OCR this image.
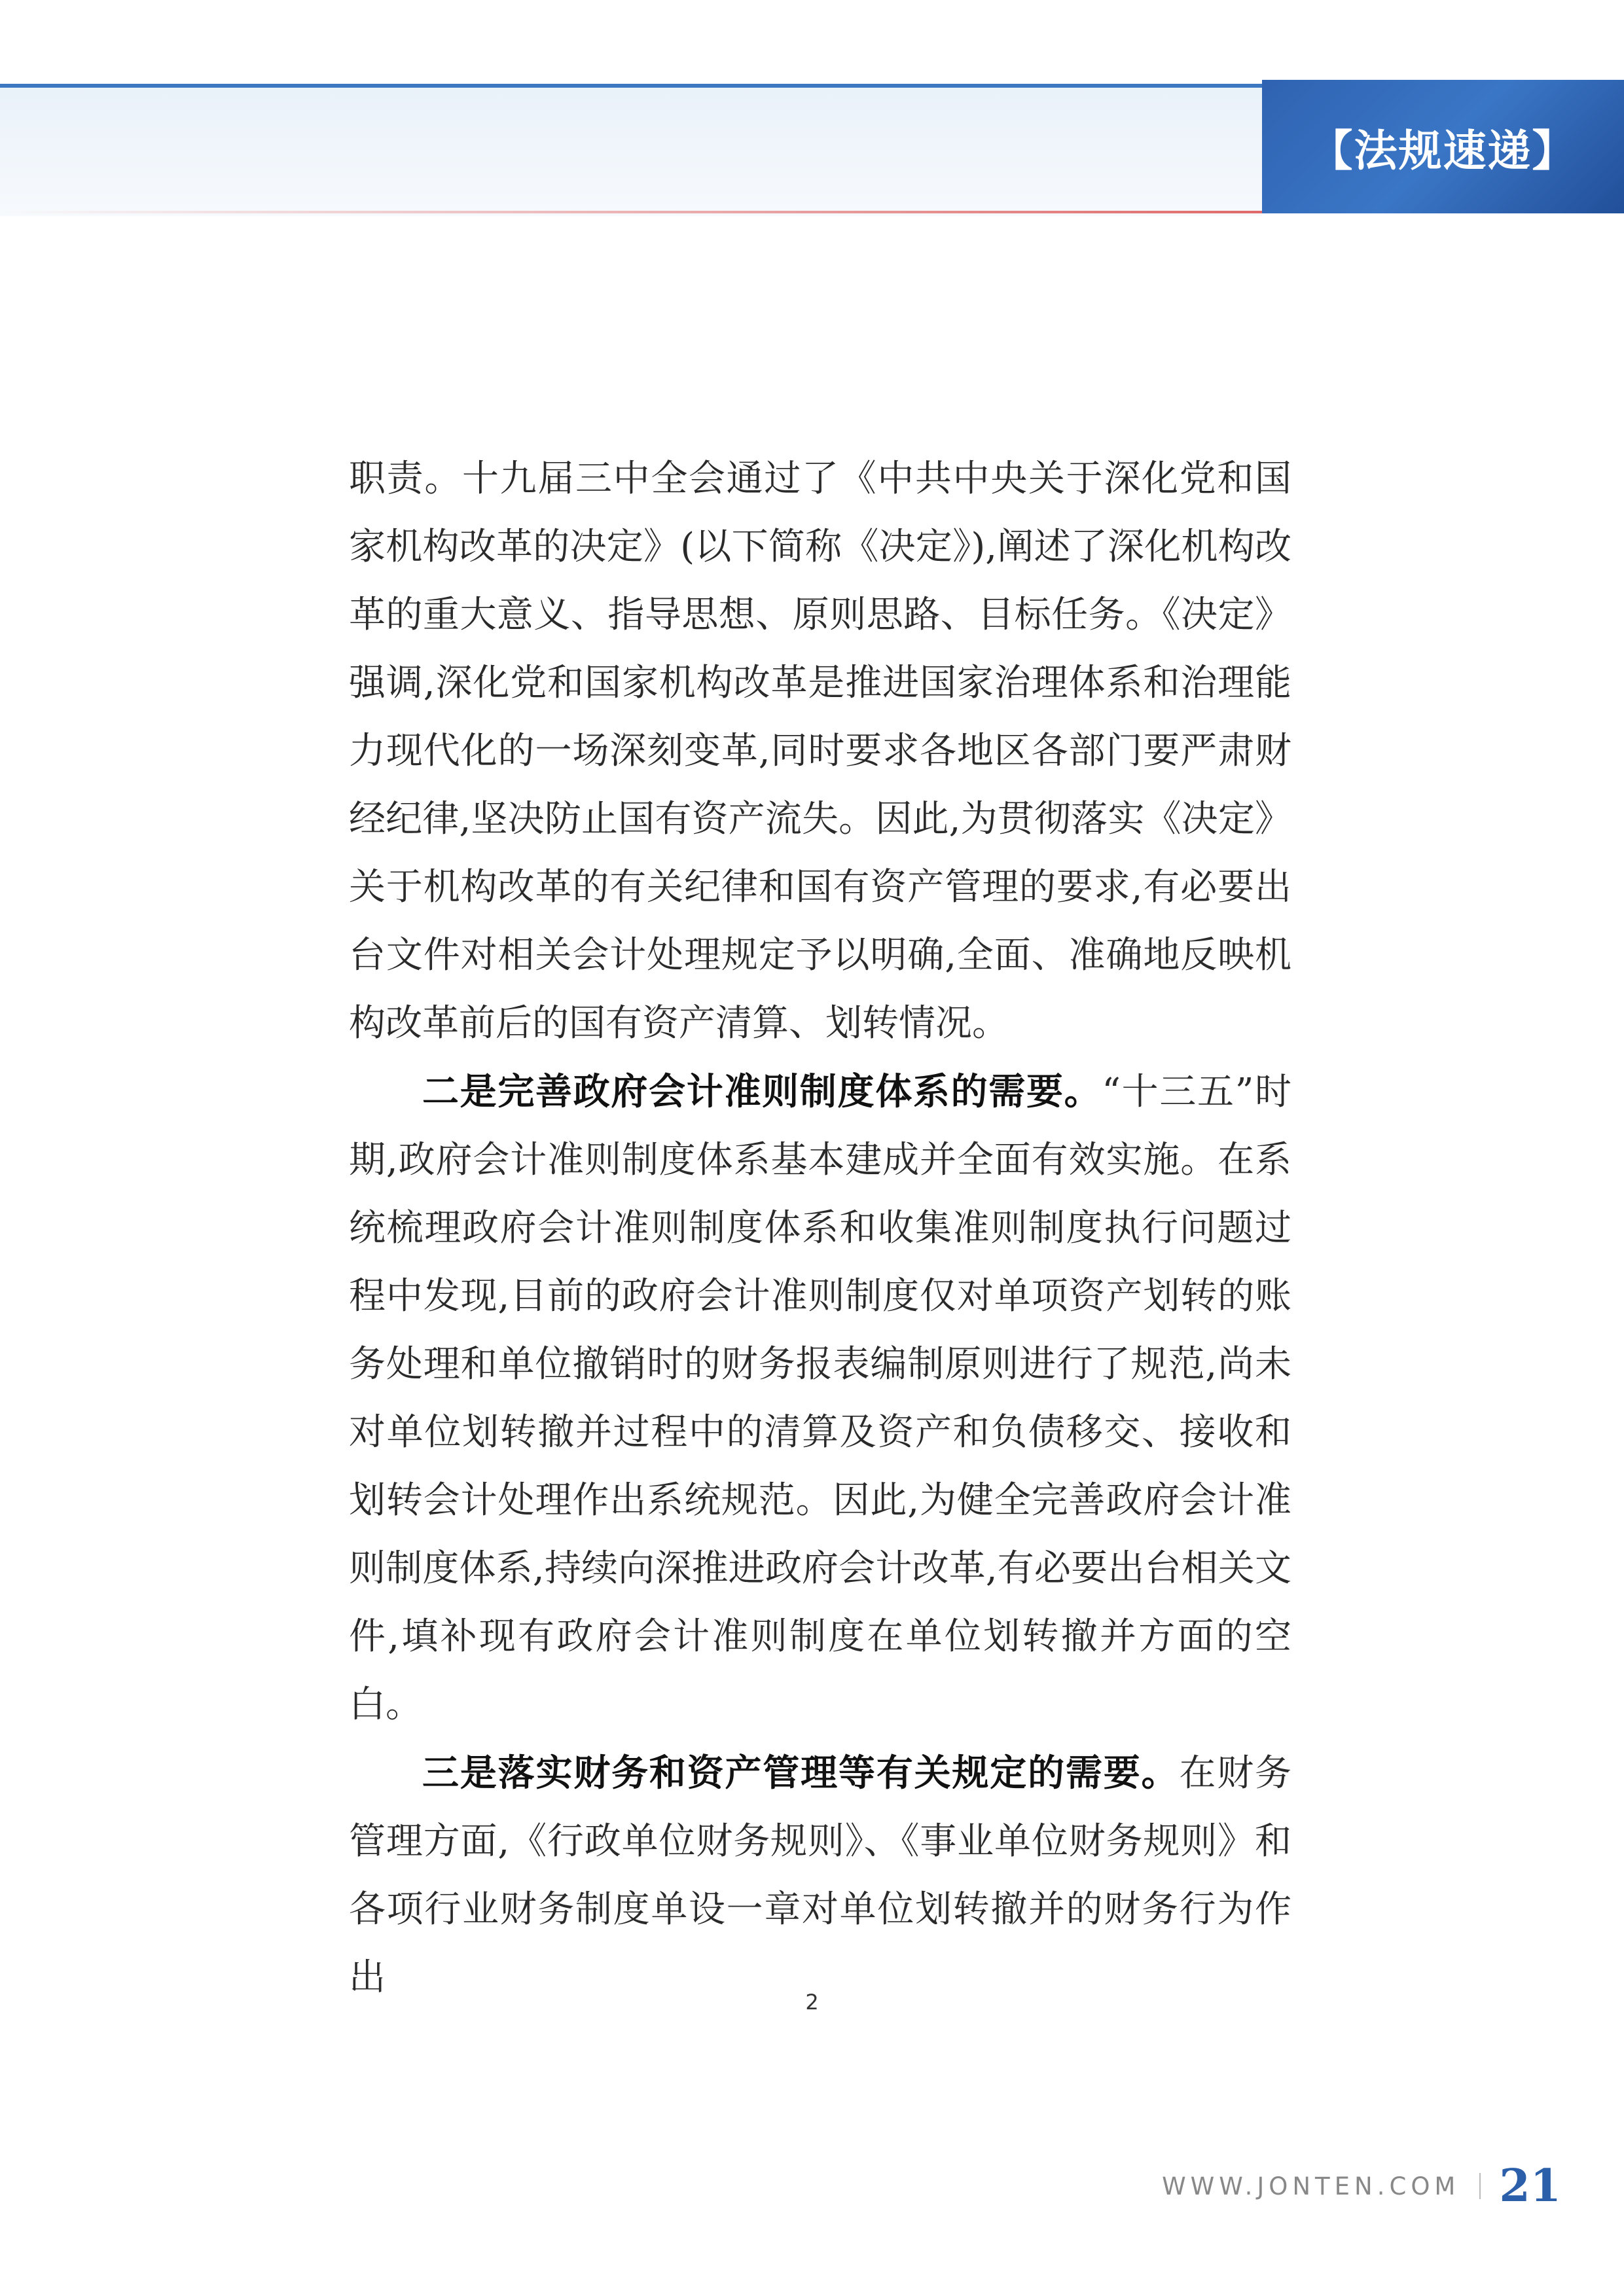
【法规速递】

职责。十九届三中全会通过了《中共中央关于深化党和国家机构改革的决定》(以下简称《决定》),阐述了深化机构改革的重大意义、指导思想、原则思路、目标任务。《决定》强调,深化党和国家机构改革是推进国家治理体系和治理能力现代化的一场深刻变革,同时要求各地区各部门要严肃财经纪律,坚决防止国有资产流失。因此,为贯彻落实《决定》关于机构改革的有关纪律和国有资产管理的要求,有必要出台文件对相关会计处理规定予以明确,全面、准确地反映机构改革前后的国有资产清算、划转情况。

二是完善政府会计准则制度体系的需要。“十三五”时期,政府会计准则制度体系基本建成并全面有效实施。在系统梳理政府会计准则制度体系和收集准则制度执行问题过程中发现,目前的政府会计准则制度仅对单项资产划转的账务处理和单位撤销时的财务报表编制原则进行了规范,尚未对单位划转撤并过程中的清算及资产和负债移交、接收和划转会计处理作出系统规范。因此,为健全完善政府会计准则制度体系,持续向深推进政府会计改革,有必要出台相关文件,填补现有政府会计准则制度在单位划转撤并方面的空白。

三是落实财务和资产管理等有关规定的需要。在财务管理方面,《行政单位财务规则》、《事业单位财务规则》和各项行业财务制度单设一章对单位划转撤并的财务行为作出

2
WWW.JONTEN.COM 21
